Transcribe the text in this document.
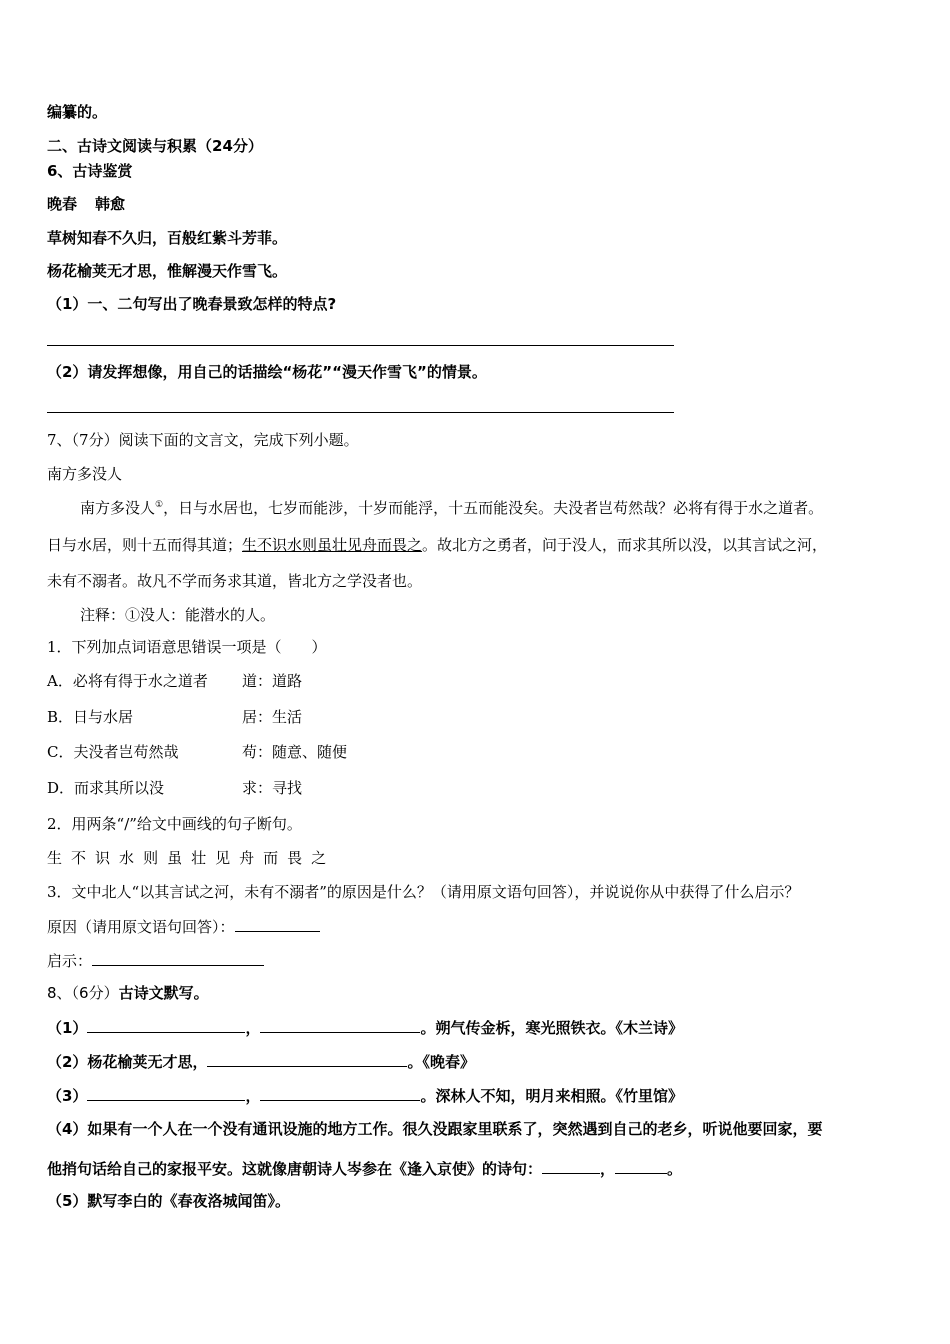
编纂的。
二、古诗文阅读与积累（24分）
6、古诗鉴赏
晚春 韩愈
草树知春不久归，百般红紫斗芳菲。
杨花榆荚无才思，惟解漫天作雪飞。
（1）一、二句写出了晚春景致怎样的特点?
（2）请发挥想像，用自己的话描绘“杨花”“漫天作雪飞”的情景。
7、（7分）阅读下面的文言文，完成下列小题。
南方多没人
南方多没人①，日与水居也，七岁而能涉，十岁而能浮，十五而能没矣。夫没者岂苟然哉？必将有得于水之道者。
日与水居，则十五而得其道；生不识水则虽壮见舟而畏之。故北方之勇者，问于没人，而求其所以没，以其言试之河，
未有不溺者。故凡不学而务求其道，皆北方之学没者也。
注释：①没人：能潜水的人。
1．下列加点词语意思错误一项是（　　）
A．必将有得于水之道者 道：道路
B．日与水居	居：生活
C．夫没者岂苟然哉	苟：随意、随便
D．而求其所以没	求：寻找
2．用两条“/”给文中画线的句子断句。
生 不 识 水 则 虽 壮 见 舟 而 畏 之
3．文中北人“以其言试之河，未有不溺者”的原因是什么？（请用原文语句回答），并说说你从中获得了什么启示？
原因（请用原文语句回答）：
启示：
8、（6分）古诗文默写。
（1）	，	。朔气传金柝，寒光照铁衣。《木兰诗》
（2）杨花榆荚无才思，	。《晚春》
（3）	，	。深林人不知，明月来相照。《竹里馆》
（4）如果有一个人在一个没有通讯设施的地方工作。很久没跟家里联系了，突然遇到自己的老乡，听说他要回家，要
他捎句话给自己的家报平安。这就像唐朝诗人岑参在《逢入京使》的诗句：	，	。
（5）默写李白的《春夜洛城闻笛》。
